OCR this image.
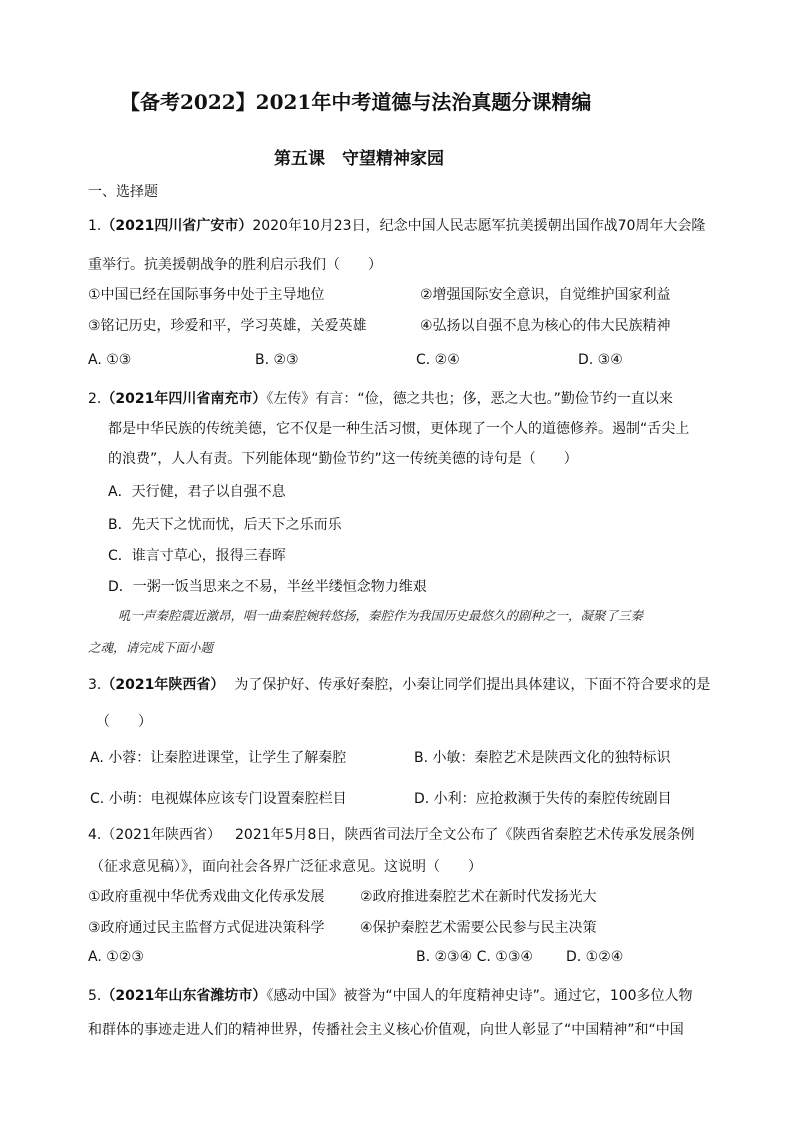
【备考2022】2021年中考道德与法治真题分课精编
第五课　守望精神家园
一、选择题
1.（2021四川省广安市）2020年10月23日，纪念中国人民志愿军抗美援朝出国作战70周年大会隆
重举行。抗美援朝战争的胜利启示我们（　　）
①中国已经在国际事务中处于主导地位	②增强国际安全意识，自觉维护国家利益
③铭记历史，珍爱和平，学习英雄，关爱英雄	④弘扬以自强不息为核心的伟大民族精神
A. ①③	B. ②③	C. ②④	D. ③④
2.（2021年四川省南充市）《左传》有言：“俭，德之共也；侈，恶之大也。”勤俭节约一直以来
都是中华民族的传统美德，它不仅是一种生活习惯，更体现了一个人的道德修养。遏制“舌尖上
的浪费”，人人有责。下列能体现“勤俭节约”这一传统美德的诗句是（　　）
A．天行健，君子以自强不息
B．先天下之忧而忧，后天下之乐而乐
C．谁言寸草心，报得三春晖
D．一粥一饭当思来之不易，半丝半缕恒念物力维艰
吼一声秦腔震近激昂，唱一曲秦腔婉转悠扬，秦腔作为我国历史最悠久的剧种之一，凝聚了三秦
之魂，请完成下面小题
3.（2021年陕西省） 为了保护好、传承好秦腔，小秦让同学们提出具体建议，下面不符合要求的是
（　　）
A. 小蓉：让秦腔进课堂，让学生了解秦腔	B. 小敏：秦腔艺术是陕西文化的独特标识
C. 小萌：电视媒体应该专门设置秦腔栏目	D. 小利：应抢救濒于失传的秦腔传统剧目
4.（2021年陕西省） 2021年5月8日，陕西省司法厅全文公布了《陕西省秦腔艺术传承发展条例
（征求意见稿）》，面向社会各界广泛征求意见。这说明（　　）
①政府重视中华优秀戏曲文化传承发展	②政府推进秦腔艺术在新时代发扬光大
③政府通过民主监督方式促进决策科学	④保护秦腔艺术需要公民参与民主决策
A. ①②③	B. ②③④ C. ①③④ D. ①②④
5.（2021年山东省潍坊市）《感动中国》被誉为“中国人的年度精神史诗”。通过它，100多位人物
和群体的事迹走进人们的精神世界，传播社会主义核心价值观，向世人彰显了“中国精神”和“中国
